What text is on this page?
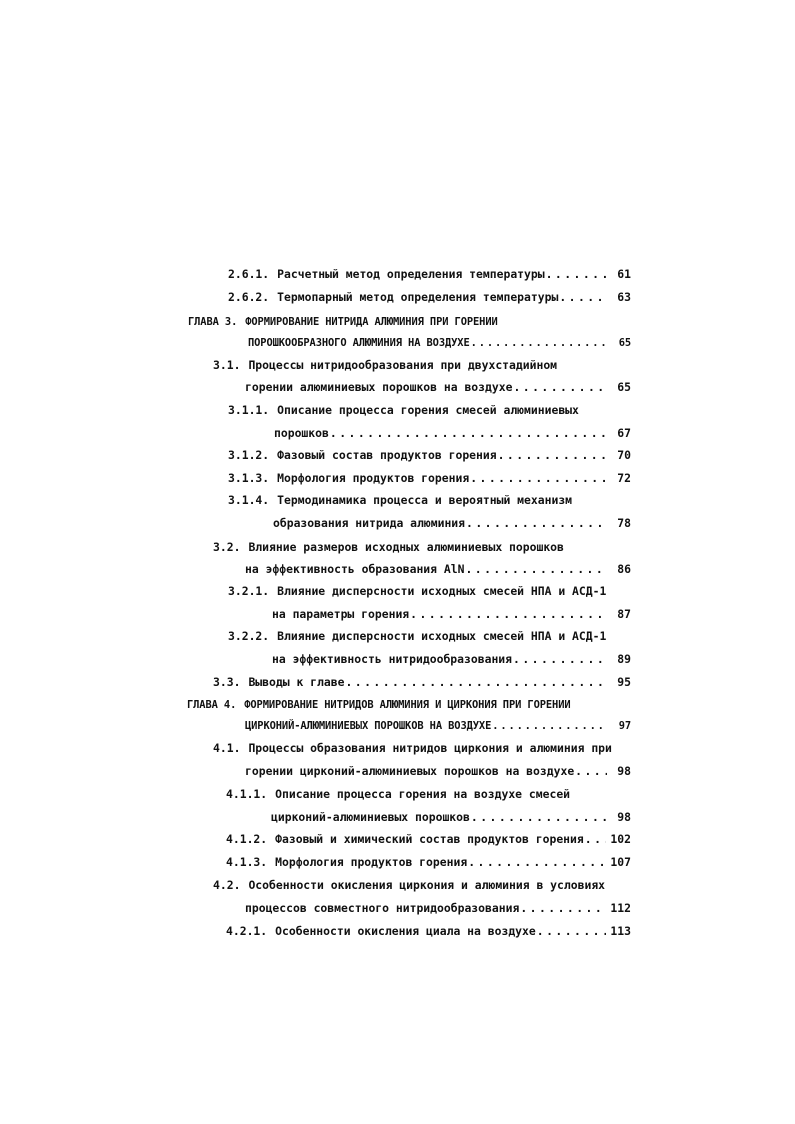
2.6.1. Расчетный метод определения температуры . . .	61
2.6.2. Термопарный метод определения температуры . . .	63
ГЛАВА 3. ФОРМИРОВАНИЕ НИТРИДА АЛЮМИНИЯ ПРИ ГОРЕНИИ
ПОРОШКООБРАЗНОГО АЛЮМИНИЯ НА ВОЗДУХЕ . . .	65
3.1. Процессы нитридообразования при двухстадийном
горении алюминиевых порошков на воздухе . . .	65
3.1.1. Описание процесса горения смесей алюминиевых
порошков . . .	67
3.1.2. Фазовый состав продуктов горения . . .	70
3.1.3. Морфология продуктов горения . . .	72
3.1.4. Термодинамика процесса и вероятный механизм
образования нитрида алюминия . . .	78
3.2. Влияние размеров исходных алюминиевых порошков
на эффективность образования AlN . . .	86
3.2.1. Влияние дисперсности исходных смесей НПА и АСД-1
на параметры горения . . .	87
3.2.2. Влияние дисперсности исходных смесей НПА и АСД-1
на эффективность нитридообразования . . .	89
3.3. Выводы к главе . . .	95
ГЛАВА 4. ФОРМИРОВАНИЕ НИТРИДОВ АЛЮМИНИЯ И ЦИРКОНИЯ ПРИ ГОРЕНИИ
ЦИРКОНИЙ-АЛЮМИНИЕВЫХ ПОРОШКОВ НА ВОЗДУХЕ . . .	97
4.1. Процессы образования нитридов циркония и алюминия при
горении цирконий-алюминиевых порошков на воздухе . . .	98
4.1.1. Описание процесса горения на воздухе смесей
цирконий-алюминиевых порошков . . .	98
4.1.2. Фазовый и химический состав продуктов горения . . . 102
4.1.3. Морфология продуктов горения . . .	107
4.2. Особенности окисления циркония и алюминия в условиях
процессов совместного нитридообразования . . .	112
4.2.1. Особенности окисления циала на воздухе . . .	113
